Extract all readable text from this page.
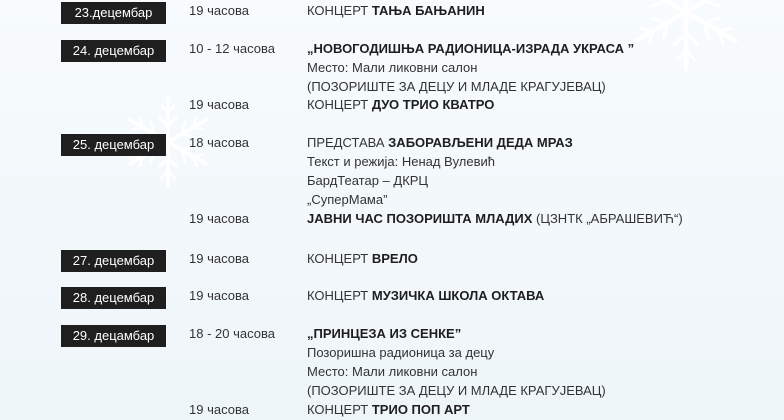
23.децембар	19 часова	КОНЦЕРТ ТАЊА БАЊАНИН
24. децембар	10 - 12 часова „НОВОГОДИШЊА РАДИОНИЦА-ИЗРАДА УКРАСА ”
Место: Мали ликовни салон
(ПОЗОРИШТЕ ЗА ДЕЦУ И МЛАДЕ КРАГУЈЕВАЦ)
19 часова	КОНЦЕРТ ДУО ТРИО КВАТРО
25. децембар	18 часова	ПРЕДСТАВА ЗАБОРАВЉЕНИ ДЕДА МРАЗ
Текст и режија: Ненад Вулевић
БардТеатар – ДКРЦ
„СуперМама”
19 часова	ЈАВНИ ЧАС ПОЗОРИШТА МЛАДИХ (ЦЗНТК „АБРАШЕВИЋ“)
27. децембар	19 часова	КОНЦЕРТ ВРЕЛО
28. децембар	19 часова	КОНЦЕРТ МУЗИЧКА ШКОЛА ОКТАВА
29. децамбар	18 - 20 часова „ПРИНЦЕЗА ИЗ СЕНКЕ”
Позоришна радионица за децу
Место: Мали ликовни салон
(ПОЗОРИШТЕ ЗА ДЕЦУ И МЛАДЕ КРАГУЈЕВАЦ)
19 часова	КОНЦЕРТ ТРИО ПОП АРТ
